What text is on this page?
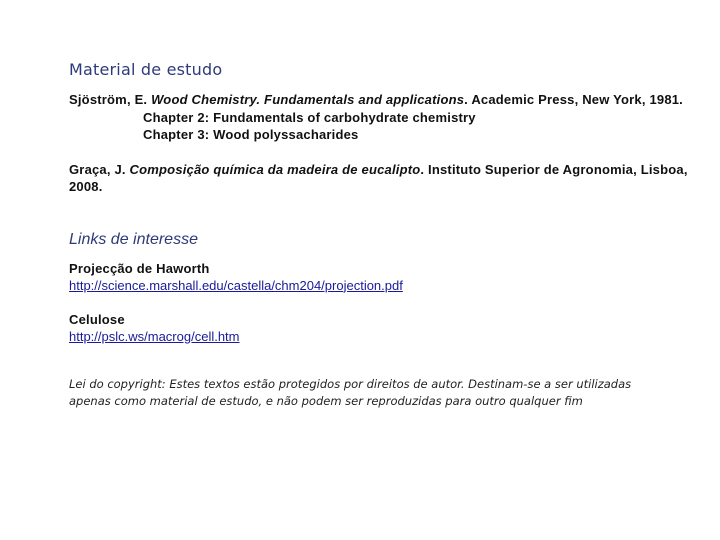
Material de estudo
Sjöström, E. Wood Chemistry. Fundamentals and applications. Academic Press, New York, 1981.
Chapter 2: Fundamentals of carbohydrate chemistry
Chapter 3: Wood polyssacharides
Graça, J. Composição química da madeira de eucalipto. Instituto Superior de Agronomia, Lisboa, 2008.
Links de interesse
Projecção de Haworth
http://science.marshall.edu/castella/chm204/projection.pdf
Celulose
http://pslc.ws/macrog/cell.htm
Lei do copyright: Estes textos estão protegidos por direitos de autor. Destinam-se a ser utilizadas apenas como material de estudo, e não podem ser reproduzidas para outro qualquer fim
